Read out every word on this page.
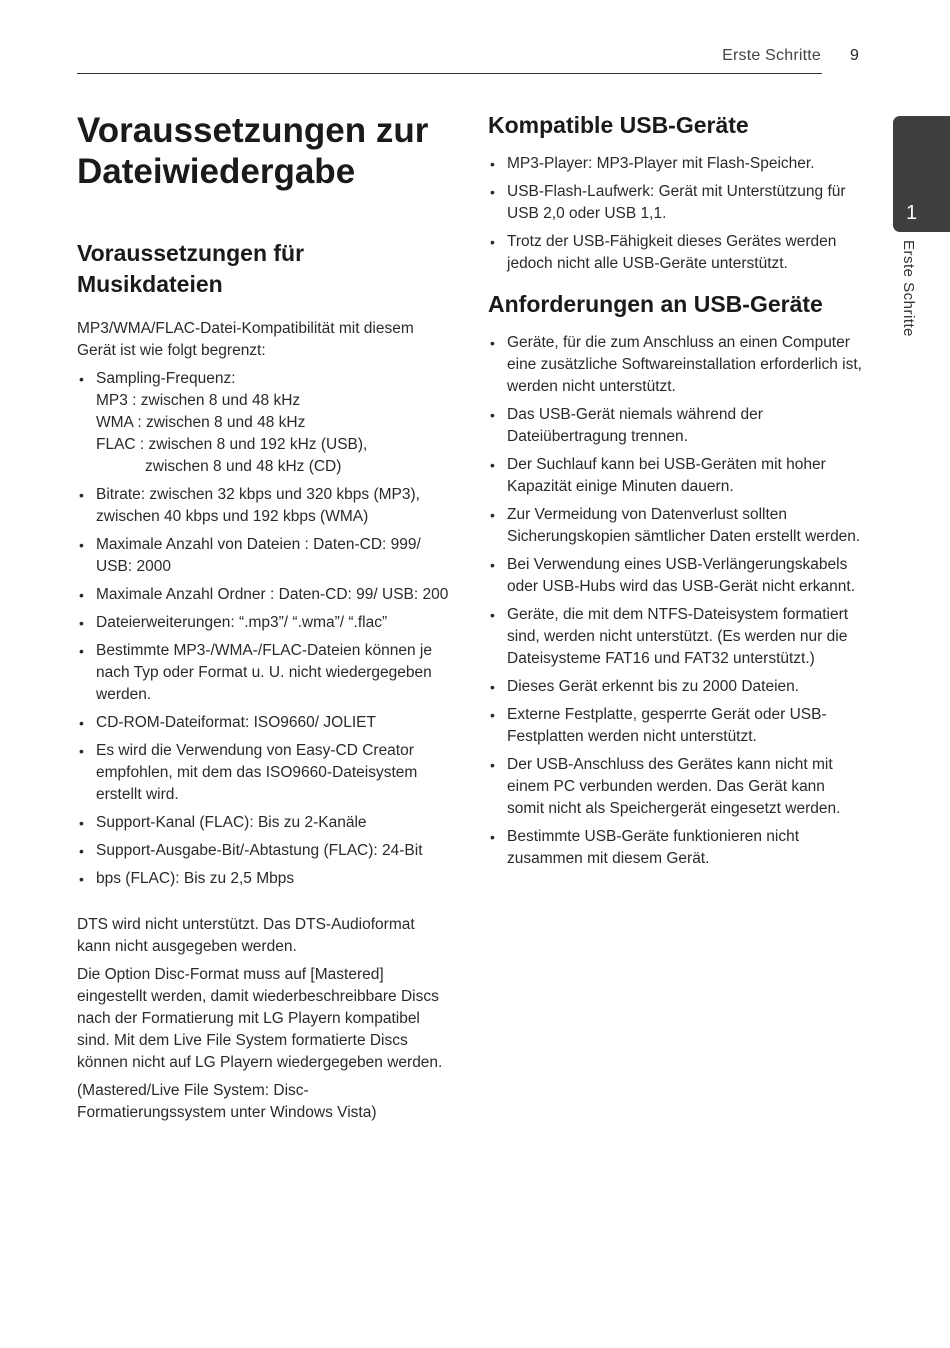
Erste Schritte 9
1
Erste Schritte
Voraussetzungen zur Dateiwiedergabe
Voraussetzungen für Musikdateien

MP3/WMA/FLAC-Datei-Kompatibilität mit diesem Gerät ist wie folgt begrenzt:

• Sampling-Frequenz:
MP3 : zwischen 8 und 48 kHz
WMA : zwischen 8 und 48 kHz
FLAC : zwischen 8 und 192 kHz (USB),
zwischen 8 und 48 kHz (CD)
• Bitrate: zwischen 32 kbps und 320 kbps (MP3), zwischen 40 kbps und 192 kbps (WMA)
• Maximale Anzahl von Dateien : Daten-CD: 999/ USB: 2000
• Maximale Anzahl Ordner : Daten-CD: 99/ USB: 200
• Dateierweiterungen: “.mp3”/ “.wma”/ “.flac”
• Bestimmte MP3-/WMA-/FLAC-Dateien können je nach Typ oder Format u. U. nicht wiedergegeben werden.
• CD-ROM-Dateiformat: ISO9660/ JOLIET
• Es wird die Verwendung von Easy-CD Creator empfohlen, mit dem das ISO9660-Dateisystem erstellt wird.
• Support-Kanal (FLAC): Bis zu 2-Kanäle
• Support-Ausgabe-Bit/-Abtastung (FLAC): 24-Bit
• bps (FLAC): Bis zu 2,5 Mbps

DTS wird nicht unterstützt. Das DTS-Audioformat kann nicht ausgegeben werden.

Die Option Disc-Format muss auf [Mastered] eingestellt werden, damit wiederbeschreibbare Discs nach der Formatierung mit LG Playern kompatibel sind. Mit dem Live File System formatierte Discs können nicht auf LG Playern wiedergegeben werden.

(Mastered/Live File System: Disc-Formatierungssystem unter Windows Vista)

Kompatible USB-Geräte
• MP3-Player: MP3-Player mit Flash-Speicher.
• USB-Flash-Laufwerk: Gerät mit Unterstützung für USB 2,0 oder USB 1,1.
• Trotz der USB-Fähigkeit dieses Gerätes werden jedoch nicht alle USB-Geräte unterstützt.
Anforderungen an USB-Geräte
• Geräte, für die zum Anschluss an einen Computer eine zusätzliche Softwareinstallation erforderlich ist, werden nicht unterstützt.
• Das USB-Gerät niemals während der Dateiübertragung trennen.
• Der Suchlauf kann bei USB-Geräten mit hoher Kapazität einige Minuten dauern.
• Zur Vermeidung von Datenverlust sollten Sicherungskopien sämtlicher Daten erstellt werden.
• Bei Verwendung eines USB-Verlängerungskabels oder USB-Hubs wird das USB-Gerät nicht erkannt.
• Geräte, die mit dem NTFS-Dateisystem formatiert sind, werden nicht unterstützt. (Es werden nur die Dateisysteme FAT16 und FAT32 unterstützt.)
• Dieses Gerät erkennt bis zu 2000 Dateien.
• Externe Festplatte, gesperrte Gerät oder USB-Festplatten werden nicht unterstützt.
• Der USB-Anschluss des Gerätes kann nicht mit einem PC verbunden werden. Das Gerät kann somit nicht als Speichergerät eingesetzt werden.
• Bestimmte USB-Geräte funktionieren nicht zusammen mit diesem Gerät.
